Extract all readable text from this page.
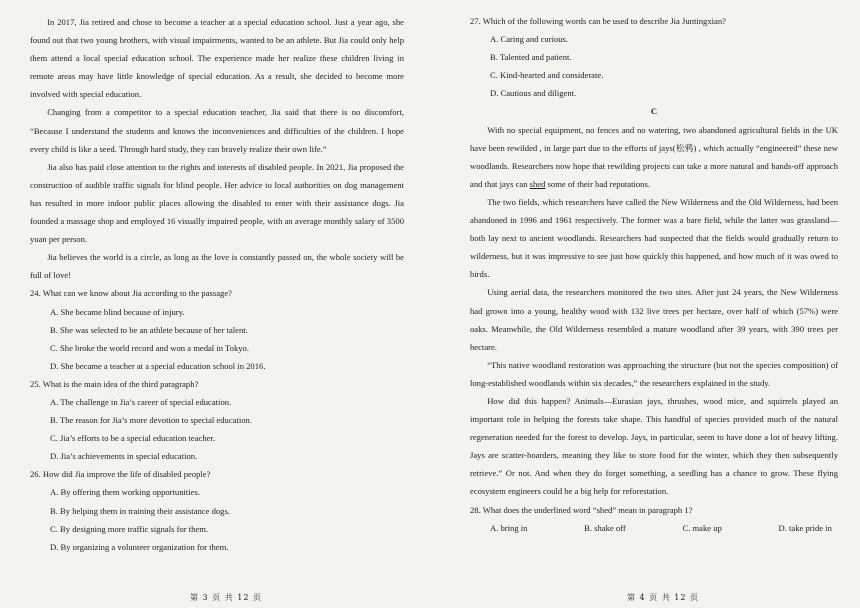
In 2017, Jia retired and chose to become a teacher at a special education school. Just a year ago, she found out that two young brothers, with visual impairments, wanted to be an athlete. But Jia could only help them attend a local special education school. The experience made her realize these children living in remote areas may have little knowledge of special education. As a result, she decided to become more involved with special education.

Changing from a competitor to a special education teacher, Jia said that there is no discomfort, “Because I understand the students and knows the inconveniences and difficulties of the children. I hope every child is like a seed. Through hard study, they can bravely realize their own life.”

Jia also has paid close attention to the rights and interests of disabled people. In 2021, Jia proposed the construction of audible traffic signals for blind people. Her advice to local authorities on dog management has resulted in more indoor public places allowing the disabled to enter with their assistance dogs. Jia founded a massage shop and employed 16 visually impaired people, with an average monthly salary of 3500 yuan per person.

Jia believes the world is a circle, as long as the love is constantly passed on, the whole society will be full of love!

24. What can we know about Jia according to the passage?

A. She became blind because of injury.

B. She was selected to be an athlete because of her talent.

C. She broke the world record and won a medal in Tokyo.

D. She became a teacher at a special education school in 2016.

25. What is the main idea of the third paragraph?

A. The challenge in Jia’s career of special education.

B. The reason for Jia’s more devotion to special education.

C. Jia’s efforts to be a special education teacher.

D. Jia’s achievements in special education.

26. How did Jia improve the life of disabled people?

A. By offering them working opportunities.

B. By helping them in training their assistance dogs.

C. By designing more traffic signals for them.

D. By organizing a volunteer organization for them.

27. Which of the following words can be used to describe Jia Juntingxian?

A. Caring and curious.

B. Talented and patient.

C. Kind-hearted and considerate.

D. Cautious and diligent.

C

With no special equipment, no fences and no watering, two abandoned agricultural fields in the UK have been rewilded , in large part due to the efforts of jays(松鸦) , which actually “engineered” these new woodlands. Researchers now hope that rewilding projects can take a more natural and hands-off approach and that jays can shed some of their bad reputations.

The two fields, which researchers have called the New Wilderness and the Old Wilderness, had been abandoned in 1996 and 1961 respectively. The former was a bare field, while the latter was grassland— both lay next to ancient woodlands. Researchers had suspected that the fields would gradually return to wilderness, but it was impressive to see just how quickly this happened, and how much of it was owed to birds.

Using aerial data, the researchers monitored the two sites. After just 24 years, the New Wilderness had grown into a young, healthy wood with 132 live trees per hectare, over half of which (57%) were oaks. Meanwhile, the Old Wilderness resembled a mature woodland after 39 years, with 390 trees per hectare.

“This native woodland restoration was approaching the structure (but not the species composition) of long-established woodlands within six decades,” the researchers explained in the study.

How did this happen? Animals—Eurasian jays, thrushes, wood mice, and squirrels played an important role in helping the forests take shape. This handful of species provided much of the natural regeneration needed for the forest to develop. Jays, in particular, seem to have done a lot of heavy lifting. Jays are scatter-hoarders, meaning they like to store food for the winter, which they then subsequently retrieve.” Or not. And when they do forget something, a seedling has a chance to grow. These flying ecosystem engineers could be a big help for reforestation.

28. What does the underlined word “shed” mean in paragraph 1?

A. bring in	B. shake off	C. make up	D. take pride in
第 3 页 共 12 页	第 4 页 共 12 页
